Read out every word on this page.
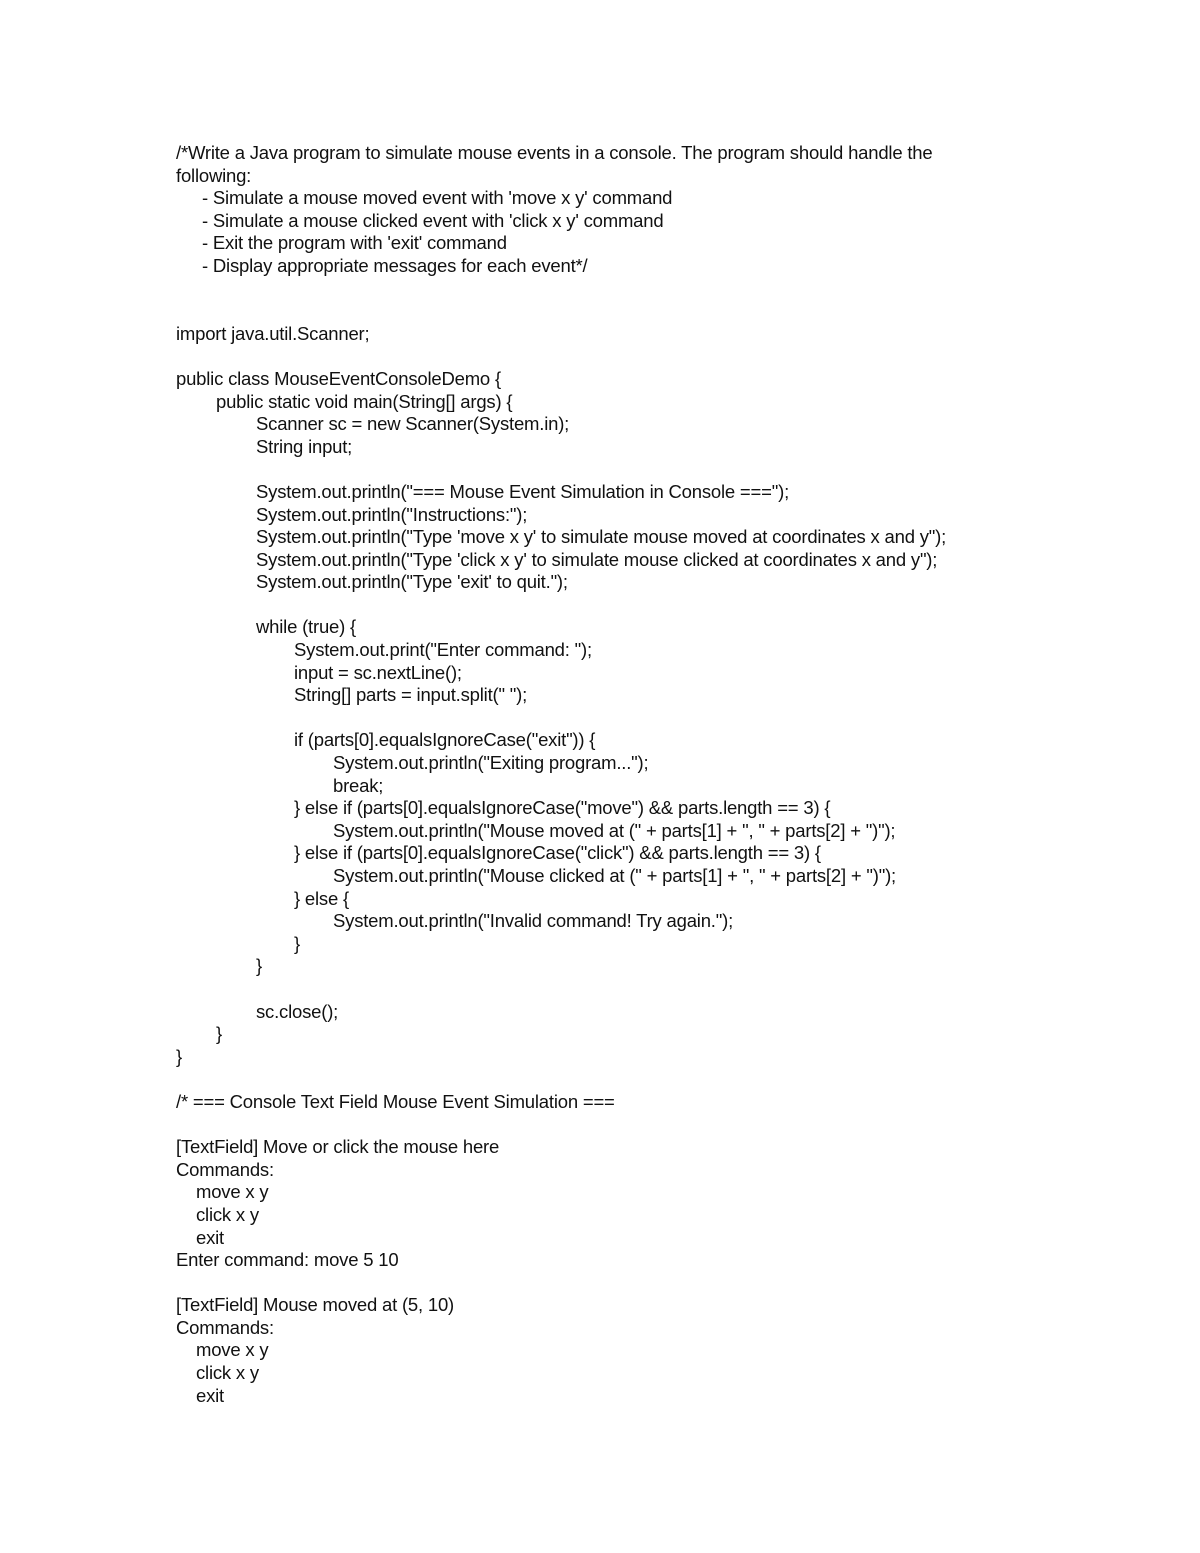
/*Write a Java program to simulate mouse events in a console. The program should handle the
following:
- Simulate a mouse moved event with 'move x y' command
- Simulate a mouse clicked event with 'click x y' command
- Exit the program with 'exit' command
- Display appropriate messages for each event*/
import java.util.Scanner;
public class MouseEventConsoleDemo {
public static void main(String[] args) {
Scanner sc = new Scanner(System.in);
String input;
System.out.println("=== Mouse Event Simulation in Console ===");
System.out.println("Instructions:");
System.out.println("Type 'move x y' to simulate mouse moved at coordinates x and y");
System.out.println("Type 'click x y' to simulate mouse clicked at coordinates x and y");
System.out.println("Type 'exit' to quit.");
while (true) {
System.out.print("Enter command: ");
input = sc.nextLine();
String[] parts = input.split(" ");
if (parts[0].equalsIgnoreCase("exit")) {
System.out.println("Exiting program...");
break;
} else if (parts[0].equalsIgnoreCase("move") && parts.length == 3) {
System.out.println("Mouse moved at (" + parts[1] + ", " + parts[2] + ")");
} else if (parts[0].equalsIgnoreCase("click") && parts.length == 3) {
System.out.println("Mouse clicked at (" + parts[1] + ", " + parts[2] + ")");
} else {
System.out.println("Invalid command! Try again.");
}
}
sc.close();
}
}
/* === Console Text Field Mouse Event Simulation ===
[TextField] Move or click the mouse here
Commands:
move x y
click x y
exit
Enter command: move 5 10
[TextField] Mouse moved at (5, 10)
Commands:
move x y
click x y
exit
